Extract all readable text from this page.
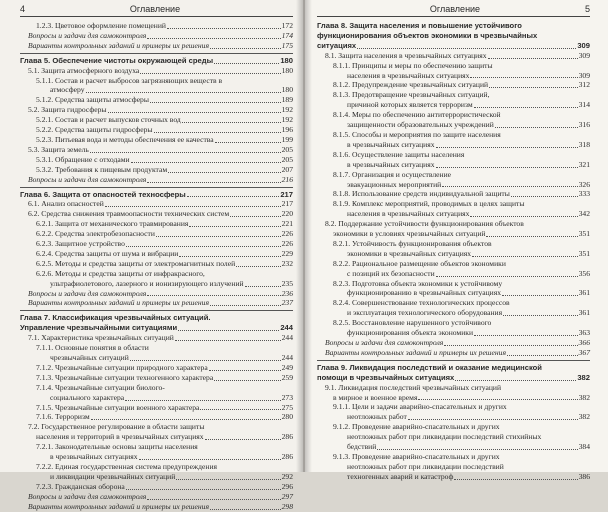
4	Оглавление
1.2.3. Цветовое оформление помещений	172
Вопросы и задачи для самоконтроля	174
Варианты контрольных заданий и примеры их решения	175
Глава 5. Обеспечение чистоты окружающей среды	180
5.1. Защита атмосферного воздуха	180
5.1.1. Состав и расчет выбросов загрязняющих веществ в
атмосферу	180
5.1.2. Средства защиты атмосферы	189
5.2. Защита гидросферы	192
5.2.1. Состав и расчет выпусков сточных вод	192
5.2.2. Средства защиты гидросферы	196
5.2.3. Питьевая вода и методы обеспечения ее качества	199
5.3. Защита земель	205
5.3.1. Обращение с отходами	205
5.3.2. Требования к пищевым продуктам	207
Вопросы и задачи для самоконтроля	216
Глава 6. Защита от опасностей техносферы	217
6.1. Анализ опасностей	217
6.2. Средства снижения травмоопасности технических систем	220
6.2.1. Защита от механического травмирования	221
6.2.2. Средства электробезопасности	226
6.2.3. Защитное устройство	226
6.2.4. Средства защиты от шума и вибрации	229
6.2.5. Методы и средства защиты от электромагнитных полей	232
6.2.6. Методы и средства защиты от инфракрасного,
ультрафиолетового, лазерного и ионизирующего излучений	235
Вопросы и задачи для самоконтроля	236
Варианты контрольных заданий и примеры их решения	237
Глава 7. Классификация чрезвычайных ситуаций.
Управление чрезвычайными ситуациями	244
7.1. Характеристика чрезвычайных ситуаций	244
7.1.1. Основные понятия в области
чрезвычайных ситуаций	244
7.1.2. Чрезвычайные ситуации природного характера	249
7.1.3. Чрезвычайные ситуации техногенного характера	259
7.1.4. Чрезвычайные ситуации биолого-
социального характера	273
7.1.5. Чрезвычайные ситуации военного характера	275
7.1.6. Терроризм	280
7.2. Государственное регулирование в области защиты
населения и территорий в чрезвычайных ситуациях	286
7.2.1. Законодательные основы защиты населения
в чрезвычайных ситуациях	286
7.2.2. Единая государственная система предупреждения
и ликвидации чрезвычайных ситуаций	292
7.2.3. Гражданская оборона	296
Вопросы и задачи для самоконтроля	297
Варианты контрольных заданий и примеры их решения	298
Оглавление	5
Глава 8. Защита населения и повышение устойчивого
функционирования объектов экономики в чрезвычайных
ситуациях	309
8.1. Защита населения в чрезвычайных ситуациях	309
8.1.1. Принципы и меры по обеспечению защиты
населения в чрезвычайных ситуациях	309
8.1.2. Предупреждение чрезвычайных ситуаций	312
8.1.3. Предотвращение чрезвычайных ситуаций,
причиной которых является терроризм	314
8.1.4. Меры по обеспечению антитеррористической
защищенности образовательных учреждений	316
8.1.5. Способы и мероприятия по защите населения
в чрезвычайных ситуациях	318
8.1.6. Осуществление защиты населения
в чрезвычайных ситуациях	321
8.1.7. Организация и осуществление
эвакуационных мероприятий	326
8.1.8. Использование средств индивидуальной защиты	333
8.1.9. Комплекс мероприятий, проводимых в целях защиты
населения в чрезвычайных ситуациях	342
8.2. Поддержание устойчивости функционирования объектов
экономики в условиях чрезвычайных ситуаций	351
8.2.1. Устойчивость функционирования объектов
экономики в чрезвычайных ситуациях	351
8.2.2. Рациональное размещение объектов экономики
с позиций их безопасности	356
8.2.3. Подготовка объекта экономики к устойчивому
функционированию в чрезвычайных ситуациях	361
8.2.4. Совершенствование технологических процессов
и эксплуатация технологического оборудования	361
8.2.5. Восстановление нарушенного устойчивого
функционирования объекта экономики	363
Вопросы и задачи для самоконтроля	366
Варианты контрольных заданий и примеры их решения	367
Глава 9. Ликвидация последствий и оказание медицинской
помощи в чрезвычайных ситуациях	382
9.1. Ликвидация последствий чрезвычайных ситуаций
в мирное и военное время	382
9.1.1. Цели и задачи аварийно-спасательных и других
неотложных работ	382
9.1.2. Проведение аварийно-спасательных и других
неотложных работ при ликвидации последствий стихийных
бедствий	384
9.1.3. Проведение аварийно-спасательных и других
неотложных работ при ликвидации последствий
техногенных аварий и катастроф	386
